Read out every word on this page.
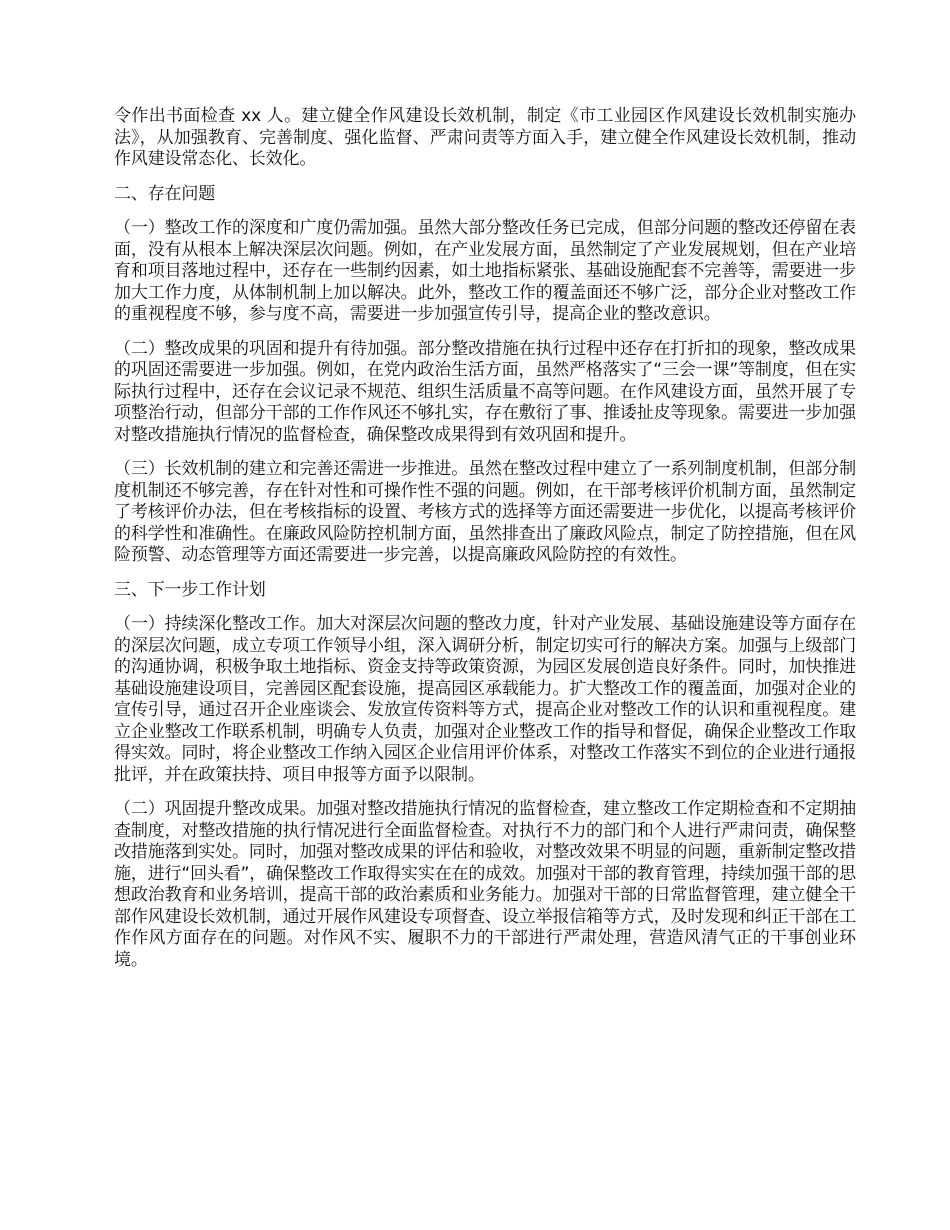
令作出书面检查 xx 人。建立健全作风建设长效机制，制定《市工业园区作风建设长效机制实施办法》，从加强教育、完善制度、强化监督、严肃问责等方面入手，建立健全作风建设长效机制，推动作风建设常态化、长效化。

二、存在问题

（一）整改工作的深度和广度仍需加强。虽然大部分整改任务已完成，但部分问题的整改还停留在表面，没有从根本上解决深层次问题。例如，在产业发展方面，虽然制定了产业发展规划，但在产业培育和项目落地过程中，还存在一些制约因素，如土地指标紧张、基础设施配套不完善等，需要进一步加大工作力度，从体制机制上加以解决。此外，整改工作的覆盖面还不够广泛，部分企业对整改工作的重视程度不够，参与度不高，需要进一步加强宣传引导，提高企业的整改意识。

（二）整改成果的巩固和提升有待加强。部分整改措施在执行过程中还存在打折扣的现象，整改成果的巩固还需要进一步加强。例如，在党内政治生活方面，虽然严格落实了“三会一课”等制度，但在实际执行过程中，还存在会议记录不规范、组织生活质量不高等问题。在作风建设方面，虽然开展了专项整治行动，但部分干部的工作作风还不够扎实，存在敷衍了事、推诿扯皮等现象。需要进一步加强对整改措施执行情况的监督检查，确保整改成果得到有效巩固和提升。

（三）长效机制的建立和完善还需进一步推进。虽然在整改过程中建立了一系列制度机制，但部分制度机制还不够完善，存在针对性和可操作性不强的问题。例如，在干部考核评价机制方面，虽然制定了考核评价办法，但在考核指标的设置、考核方式的选择等方面还需要进一步优化，以提高考核评价的科学性和准确性。在廉政风险防控机制方面，虽然排查出了廉政风险点，制定了防控措施，但在风险预警、动态管理等方面还需要进一步完善，以提高廉政风险防控的有效性。

三、下一步工作计划

（一）持续深化整改工作。加大对深层次问题的整改力度，针对产业发展、基础设施建设等方面存在的深层次问题，成立专项工作领导小组，深入调研分析，制定切实可行的解决方案。加强与上级部门的沟通协调，积极争取土地指标、资金支持等政策资源，为园区发展创造良好条件。同时，加快推进基础设施建设项目，完善园区配套设施，提高园区承载能力。扩大整改工作的覆盖面，加强对企业的宣传引导，通过召开企业座谈会、发放宣传资料等方式，提高企业对整改工作的认识和重视程度。建立企业整改工作联系机制，明确专人负责，加强对企业整改工作的指导和督促，确保企业整改工作取得实效。同时，将企业整改工作纳入园区企业信用评价体系，对整改工作落实不到位的企业进行通报批评，并在政策扶持、项目申报等方面予以限制。

（二）巩固提升整改成果。加强对整改措施执行情况的监督检查，建立整改工作定期检查和不定期抽查制度，对整改措施的执行情况进行全面监督检查。对执行不力的部门和个人进行严肃问责，确保整改措施落到实处。同时，加强对整改成果的评估和验收，对整改效果不明显的问题，重新制定整改措施，进行“回头看”，确保整改工作取得实实在在的成效。加强对干部的教育管理，持续加强干部的思想政治教育和业务培训，提高干部的政治素质和业务能力。加强对干部的日常监督管理，建立健全干部作风建设长效机制，通过开展作风建设专项督查、设立举报信箱等方式，及时发现和纠正干部在工作作风方面存在的问题。对作风不实、履职不力的干部进行严肃处理，营造风清气正的干事创业环境。
